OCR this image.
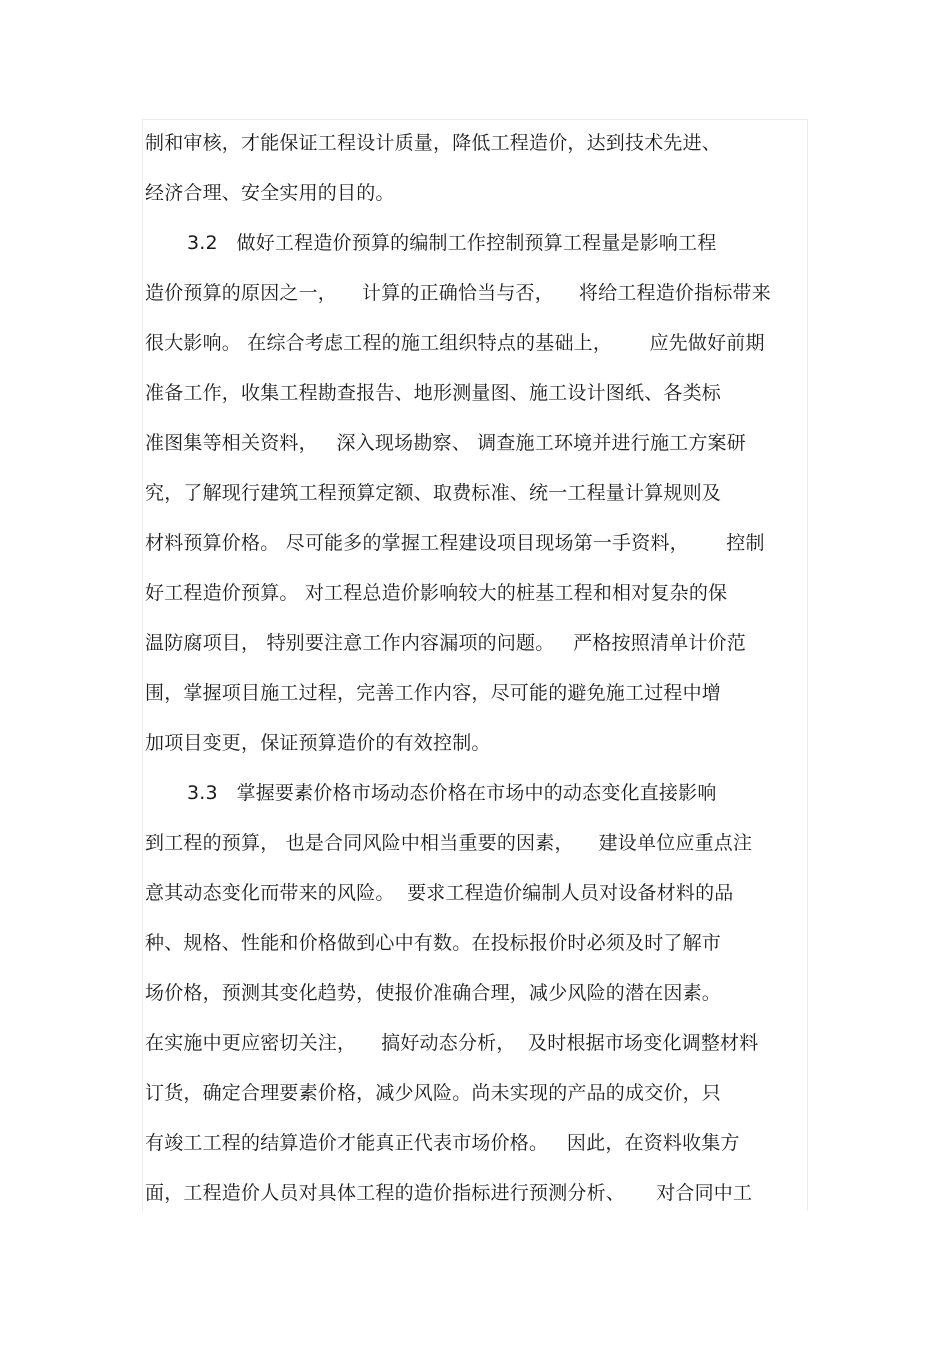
制和审核，才能保证工程设计质量，降低工程造价，达到技术先进、
经济合理、安全实用的目的。
3.2   做好工程造价预算的编制工作控制预算工程量是影响工程
造价预算的原因之一，    计算的正确恰当与否，    将给工程造价指标带来
很大影响。 在综合考虑工程的施工组织特点的基础上，      应先做好前期
准备工作，收集工程勘查报告、地形测量图、施工设计图纸、各类标
准图集等相关资料，   深入现场勘察、 调查施工环境并进行施工方案研
究，了解现行建筑工程预算定额、取费标准、统一工程量计算规则及
材料预算价格。 尽可能多的掌握工程建设项目现场第一手资料，      控制
好工程造价预算。 对工程总造价影响较大的桩基工程和相对复杂的保
温防腐项目， 特别要注意工作内容漏项的问题。   严格按照清单计价范
围，掌握项目施工过程，完善工作内容，尽可能的避免施工过程中增
加项目变更，保证预算造价的有效控制。
3.3   掌握要素价格市场动态价格在市场中的动态变化直接影响
到工程的预算， 也是合同风险中相当重要的因素，    建设单位应重点注
意其动态变化而带来的风险。  要求工程造价编制人员对设备材料的品
种、规格、性能和价格做到心中有数。在投标报价时必须及时了解市
场价格，预测其变化趋势，使报价准确合理，减少风险的潜在因素。
在实施中更应密切关注，    搞好动态分析，  及时根据市场变化调整材料
订货，确定合理要素价格，减少风险。尚未实现的产品的成交价，只
有竣工工程的结算造价才能真正代表市场价格。   因此，在资料收集方
面，工程造价人员对具体工程的造价指标进行预测分析、     对合同中工
